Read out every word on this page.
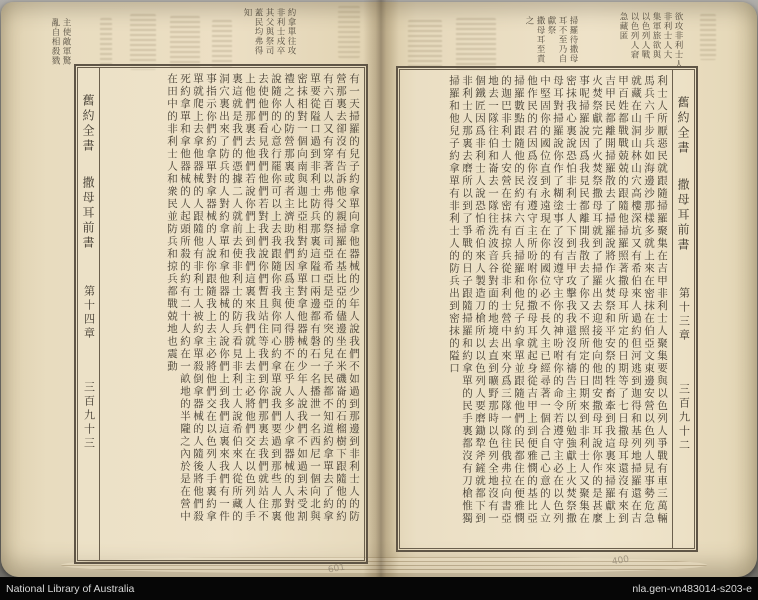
主使敵軍驚
亂自相殺戮	約拿單往攻
非利士戍卒
其父與祭司
蓋民均弗得
知
舊約全書
撒母耳前書
第十四章
三百九十三	有一天掃羅的兒子約拿單向拿他器械的少年人說我們不如過到那邊到非利士人的防
營那裏去卻沒有告訴他父親掃羅在基比亞的儘邊坐在米磯崙的石榴樹下跟隨他的約
有六百人又有穿著以弗得的祭司亞希亞是亞希突的兒子民都不知道約拿單去了約拿
單要從隘口過到非利士防兵那裏這隘口兩邊都有磐石一名播泄一名西尼一個向北與
密抹相對一個向南與迦比亞相對約拿單對拿他器械的少年人說我們不如過到未受割
禮之人的防營那裏或者主濟助我們因爲主使人得勝不在乎人多人少拿器械的人對他
說隨你的心意行罷你可以上去我跟隨你我與你同心約拿單說我們要過到那些人那裏
去使他們看見我們他們若對我們說你們暫且站住等我們到你們那裏去我們就站住不
上他們那裏去他們若說你們上到我們這裏來我們就上去主必將他們交在以色列人手
裏這就是我們的憑據二人就前去使非利士的防兵看見非利士人說希伯來人從所藏的
洞穴裏出來了防兵的人對約拿單和拿他器械的人說你們上到我們這裏來我們有一件
事指示你們約拿單對拿器械的人說你跟隨我上去主必將他們交在以色列人手裏約拿
單就爬上去拿他器械的人跟隨他有非利士人被約拿單殺倒拿器械的人隨後將他們殺
死約拿單和拿他器械的人起頭所殺的約有二十人約在一畝地的半隴之內於是在營中
在田中的非利士人和衆民並防兵和掠兵都戰兢地也震動
掃羅待撒母
耳不至乃自
獻祭
撒母耳至責
之	欲攻非利士人
非利士人大
集軍旅欲與
以色列人戰
以色列人窘
急藏匿
利士人所厭惡民就跟隨掃羅聚集在吉甲非利士人聚集要與以色列人爭戰有車三萬輛
馬兵六千步兵如海邊沙那樣多就上來在密抹在伯亞文東邊安營以色列人見事勢危急
就藏在山洞山林山穴高樓深坑又有希伯來人過約但河逃到迦得和基列地掃羅還在吉
甲百姓都戰戰兢兢的跟隨他掃羅照著撒母耳所定的日期等了七日撒母耳還沒有來到
吉甲民都離開掃羅散去了掃羅說將作火焚祭和平安祭的牲畜牽到我這裏來掃羅獻上
火焚祭獻完了火焚祭撒母耳就到了掃羅出去迎接他向他問安撒母耳說你作的是甚麼
事呢掃羅說因爲我見民都離開我散去了你又不照所定的日期來到非利士人又聚集在
密抹我心裏說恐怕非利士人下到吉甲攻擊我我還沒有禱告主所以勉強獻上火焚祭撒
母耳對掃羅說你作了糊塗事了沒有遵守主你的神吩咐你的命令若遵守主必在以色列
中堅固你的國位直到永遠現在你的國位必不長久主已經尋著一個合自己心意的人立
他作民的君因爲你沒有遵守主所吩咐你的撒母耳就起身從吉甲上到便雅憫的基比亞
掃羅數點跟隨他的民約有六百人掃羅和他兒子約拿單並跟隨他們的民都住在便雅憫
的迦巴非利士人安營在密抹有掠兵從非利士營中出來分爲三隊一隊往俄弗拉向書亞
地去一隊往伯和崙去一隊往洗波音谷對面的地境去直到曠野那時以色列全地沒有一
個鐵匠因爲非利士人說恐怕希伯來人製造刀槍所以以色列人要磨鋤犂斧鏟就都下到
非利士人那裏去磨所以到了爭戰的日子跟隨掃羅和約拿單的民手裏都沒有刀槍惟獨
掃羅和他兒子約拿單有非利士人的防兵出到密抹的隘口	舊約全書
撒母耳前書
第十三章
三百九十二
601
400
National Library of Australia	nla.gen-vn483014-s203-e
